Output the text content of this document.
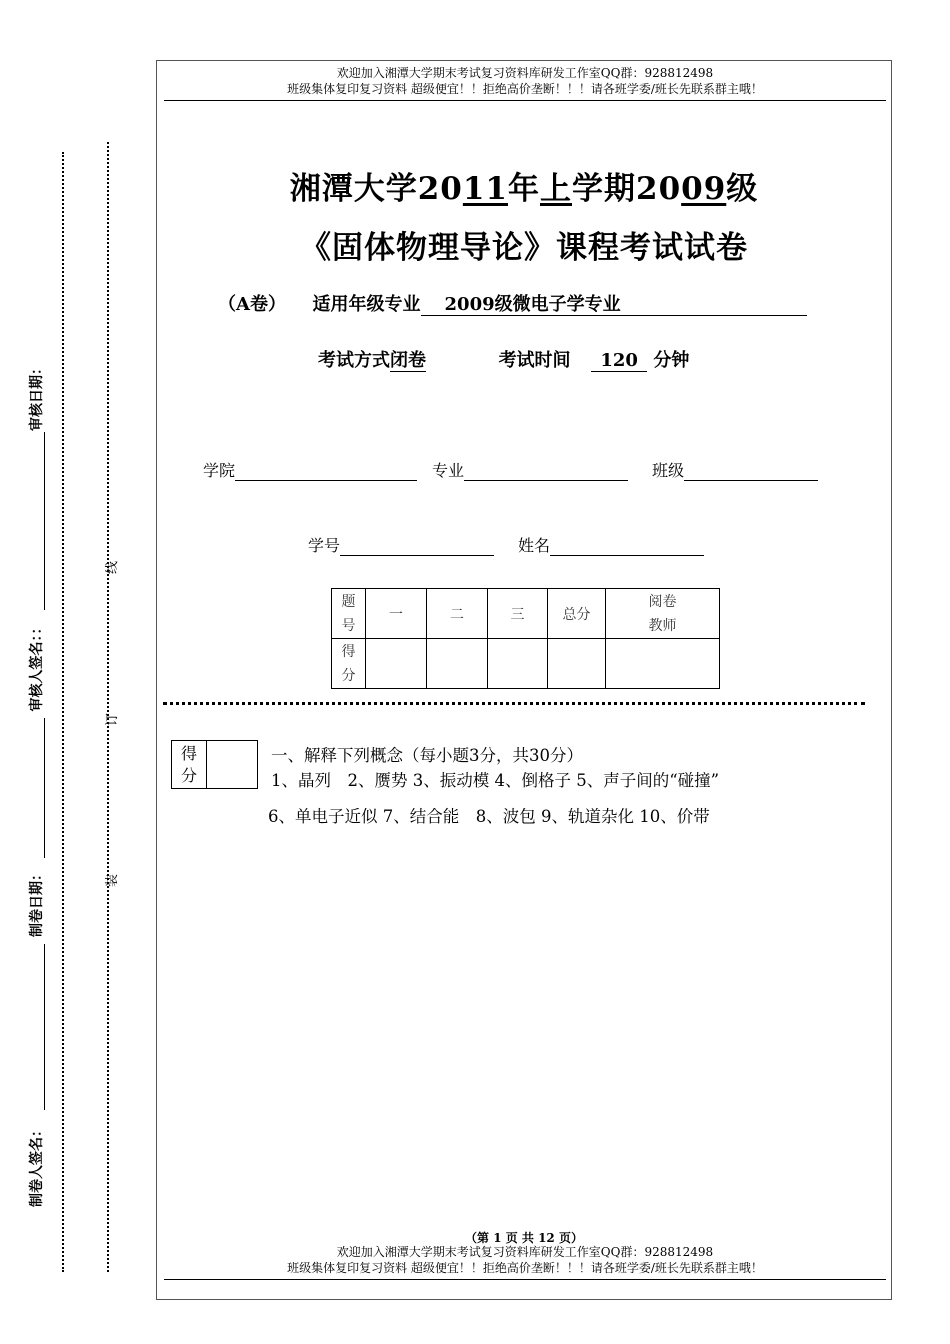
欢迎加入湘潭大学期末考试复习资料库研发工作室QQ群：928812498
班级集体复印复习资料 超级便宜！！拒绝高价垄断！！！请各班学委/班长先联系群主哦！
湘潭大学2011年上学期2009级
《固体物理导论》课程考试试卷
（A卷） 适用年级专业 2009级微电子学专业
考试方式闭卷	考试时间 120 分钟
学院	专业	班级
学号	姓名
题号	一	二	三	总分	阅卷教师
得分					
得分	
一、解释下列概念（每小题3分，共30分）
1、晶列　2、赝势 3、振动模 4、倒格子 5、声子间的“碰撞”
6、单电子近似 7、结合能　8、波包 9、轨道杂化 10、价带
（第 1 页 共 12 页）
欢迎加入湘潭大学期末考试复习资料库研发工作室QQ群：928812498
班级集体复印复习资料 超级便宜！！拒绝高价垄断！！！请各班学委/班长先联系群主哦！
线
订
装
审核日期：
审核人签名：：
制卷日期：
制卷人签名：
